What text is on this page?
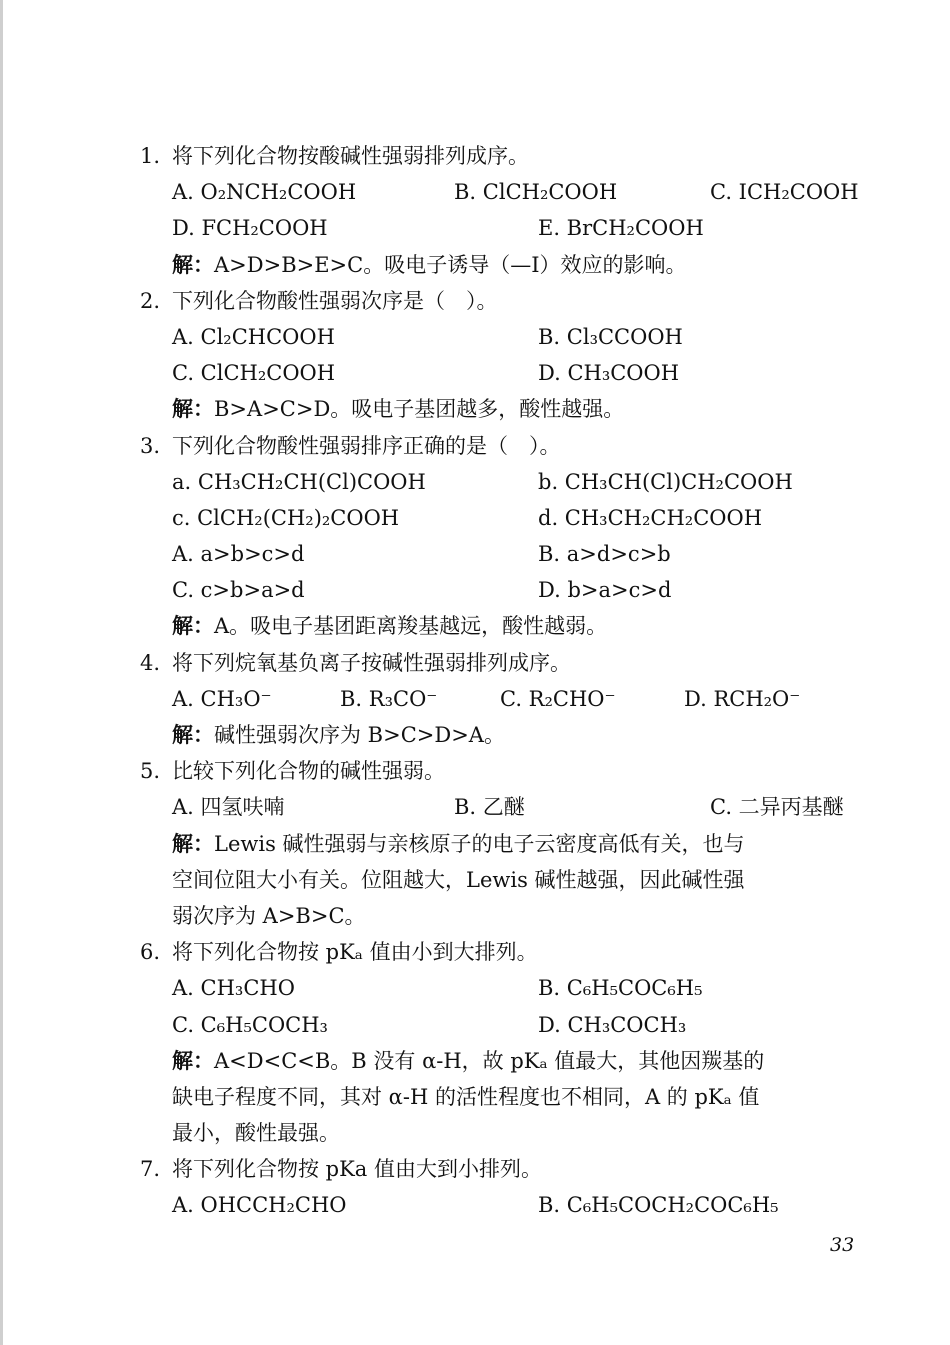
1. 将下列化合物按酸碱性强弱排列成序。
A. O₂NCH₂COOH	B. ClCH₂COOH	C. ICH₂COOH
D. FCH₂COOH	E. BrCH₂COOH
解：A>D>B>E>C。吸电子诱导（—I）效应的影响。
2. 下列化合物酸性强弱次序是（　）。
A. Cl₂CHCOOH	B. Cl₃CCOOH
C. ClCH₂COOH	D. CH₃COOH
解：B>A>C>D。吸电子基团越多，酸性越强。
3. 下列化合物酸性强弱排序正确的是（　）。
a. CH₃CH₂CH(Cl)COOH	b. CH₃CH(Cl)CH₂COOH
c. ClCH₂(CH₂)₂COOH	d. CH₃CH₂CH₂COOH
A. a>b>c>d	B. a>d>c>b
C. c>b>a>d	D. b>a>c>d
解：A。吸电子基团距离羧基越远，酸性越弱。
4. 将下列烷氧基负离子按碱性强弱排列成序。
A. CH₃O⁻	B. R₃CO⁻	C. R₂CHO⁻	D. RCH₂O⁻
解：碱性强弱次序为 B>C>D>A。
5. 比较下列化合物的碱性强弱。
A. 四氢呋喃	B. 乙醚	C. 二异丙基醚
解：Lewis 碱性强弱与亲核原子的电子云密度高低有关，也与
空间位阻大小有关。位阻越大，Lewis 碱性越强，因此碱性强
弱次序为 A>B>C。
6. 将下列化合物按 pKₐ 值由小到大排列。
A. CH₃CHO	B. C₆H₅COC₆H₅
C. C₆H₅COCH₃	D. CH₃COCH₃
解：A<D<C<B。B 没有 α-H，故 pKₐ 值最大，其他因羰基的
缺电子程度不同，其对 α-H 的活性程度也不相同，A 的 pKₐ 值
最小，酸性最强。
7. 将下列化合物按 pKa 值由大到小排列。
A. OHCCH₂CHO	B. C₆H₅COCH₂COC₆H₅
33
